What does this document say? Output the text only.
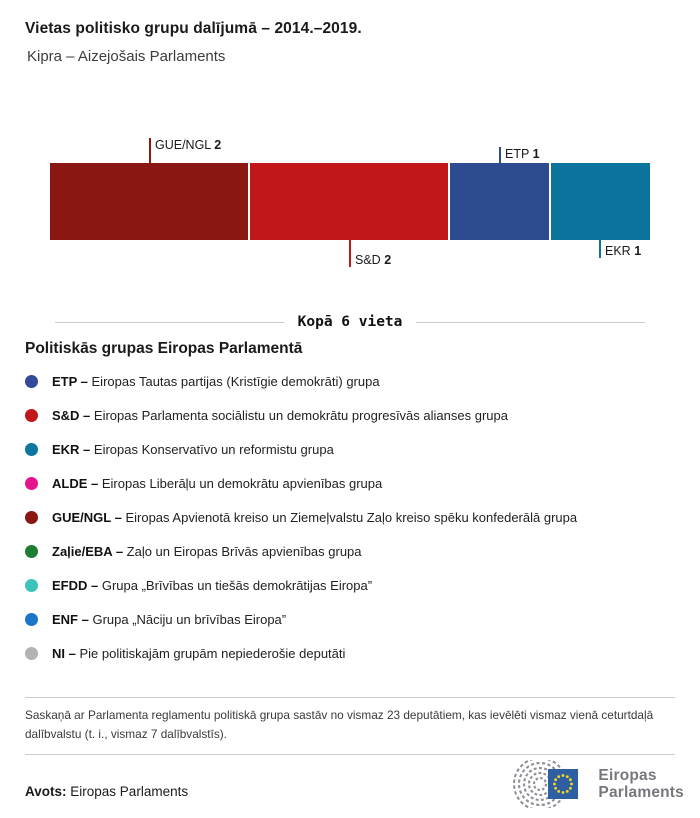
Vietas politisko grupu dalījumā – 2014.–2019.
Kipra – Aizejošais Parlaments
GUE/NGL 2
S&D 2
ETP 1
EKR 1
Kopā 6 vieta
Politiskās grupas Eiropas Parlamentā
ETP – Eiropas Tautas partijas (Kristīgie demokrāti) grupa
S&D – Eiropas Parlamenta sociālistu un demokrātu progresīvās alianses grupa
EKR – Eiropas Konservatīvo un reformistu grupa
ALDE – Eiropas Liberāļu un demokrātu apvienības grupa
GUE/NGL – Eiropas Apvienotā kreiso un Ziemeļvalstu Zaļo kreiso spēku konfederālā grupa
Zaļie/EBA – Zaļo un Eiropas Brīvās apvienības grupa
EFDD – Grupa „Brīvības un tiešās demokrātijas Eiropa”
ENF – Grupa „Nāciju un brīvības Eiropa”
NI – Pie politiskajām grupām nepiederošie deputāti
Saskaņā ar Parlamenta reglamentu politiskā grupa sastāv no vismaz 23 deputātiem, kas ievēlēti vismaz vienā ceturtdaļā dalībvalstu (t. i., vismaz 7 dalībvalstīs).
Avots: Eiropas Parlaments
Eiropas
Parlaments
